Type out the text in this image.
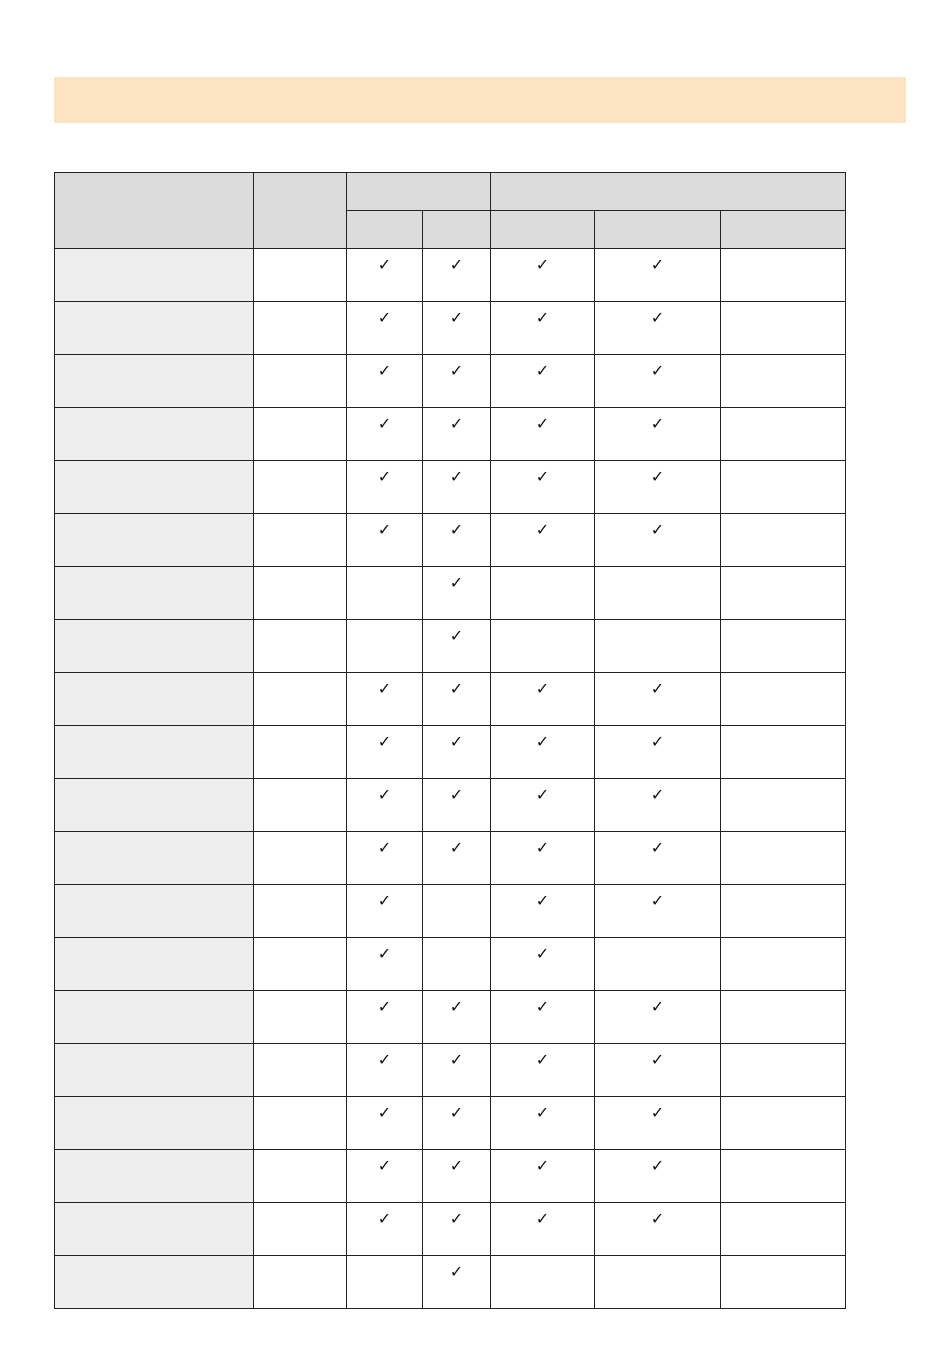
		✓	✓	✓	✓	
		✓	✓	✓	✓	
		✓	✓	✓	✓	
		✓	✓	✓	✓	
		✓	✓	✓	✓	
		✓	✓	✓	✓	
			✓			
			✓			
		✓	✓	✓	✓	
		✓	✓	✓	✓	
		✓	✓	✓	✓	
		✓	✓	✓	✓	
		✓		✓	✓	
		✓		✓		
		✓	✓	✓	✓	
		✓	✓	✓	✓	
		✓	✓	✓	✓	
		✓	✓	✓	✓	
		✓	✓	✓	✓	
			✓			
